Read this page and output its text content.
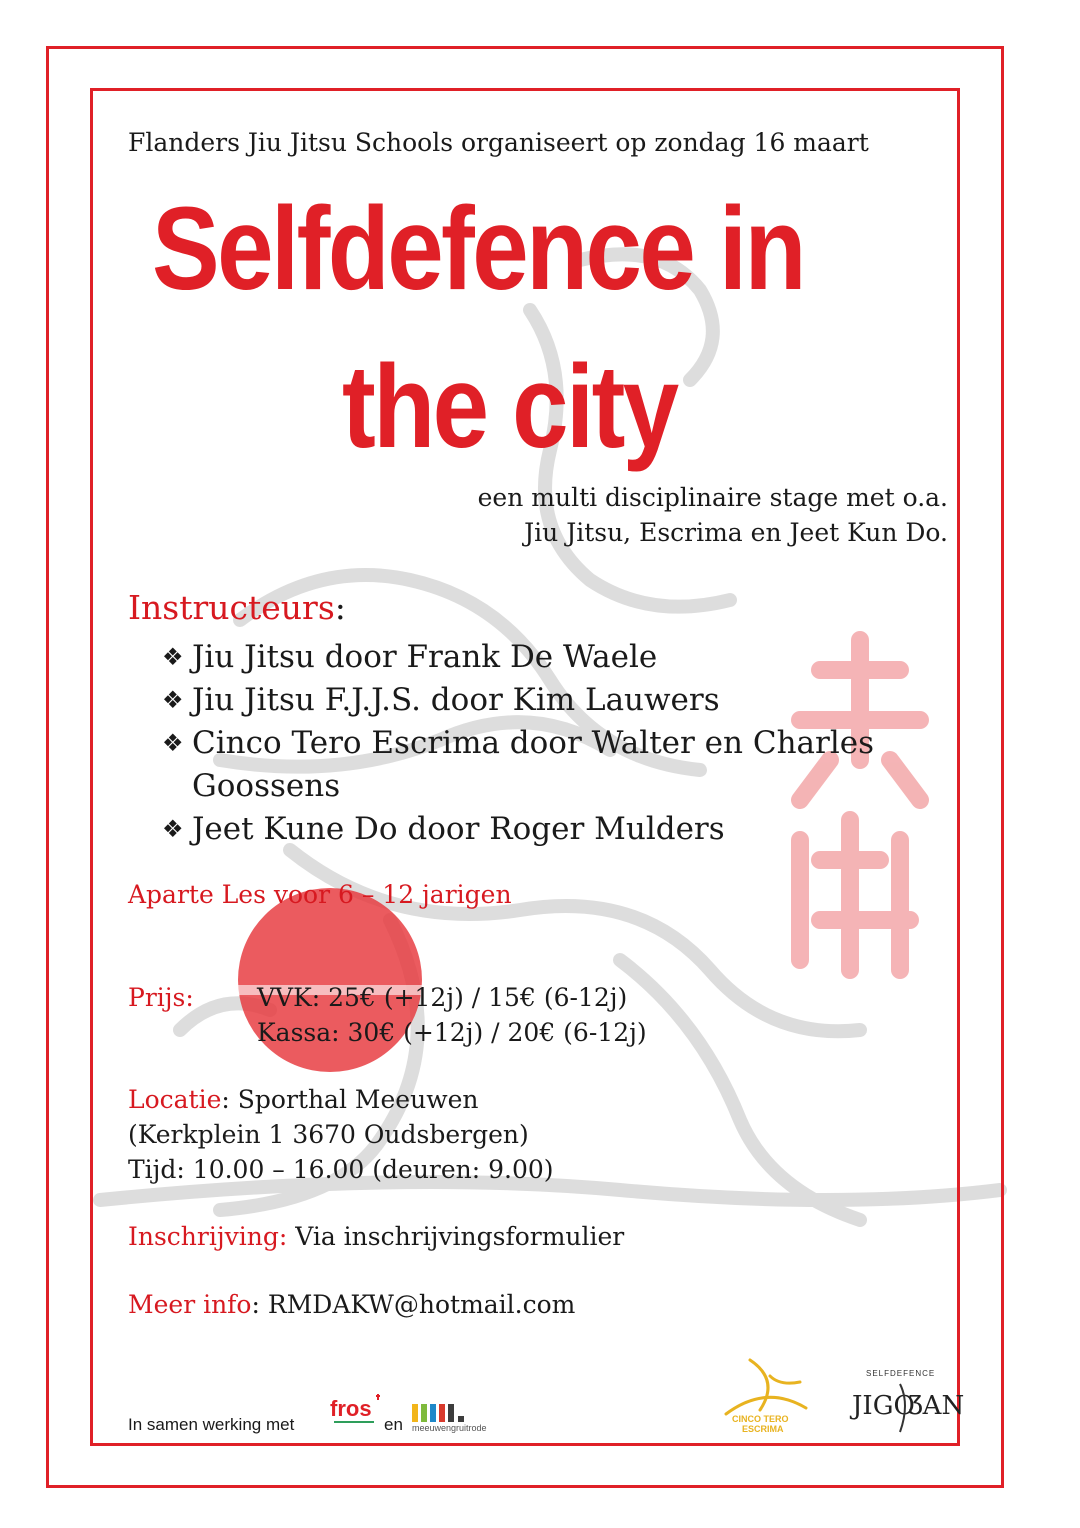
Flanders Jiu Jitsu Schools organiseert op zondag 16 maart
Selfdefence in
the city
een multi disciplinaire stage met o.a.
Jiu Jitsu, Escrima en Jeet Kun Do.
Instructeurs:
❖ Jiu Jitsu door Frank De Waele
❖ Jiu Jitsu F.J.J.S. door Kim Lauwers
❖ Cinco Tero Escrima door Walter en Charles Goossens
❖ Jeet Kune Do door Roger Mulders
Aparte Les voor 6 – 12 jarigen
Prijs:	VVK: 25€ (+12j) / 15€ (6-12j)
Kassa: 30€ (+12j) / 20€ (6-12j)
Locatie: Sporthal Meeuwen
(Kerkplein 1 3670 Oudsbergen)
Tijd: 10.00 – 16.00 (deuren: 9.00)
Inschrijving: Via inschrijvingsformulier
Meer info: RMDAKW@hotmail.com
In samen werking met	en
fros
meeuwengruitrode
CINCO TERO
ESCRIMA
SELFDEFENCE
JIGO
ƷAN
